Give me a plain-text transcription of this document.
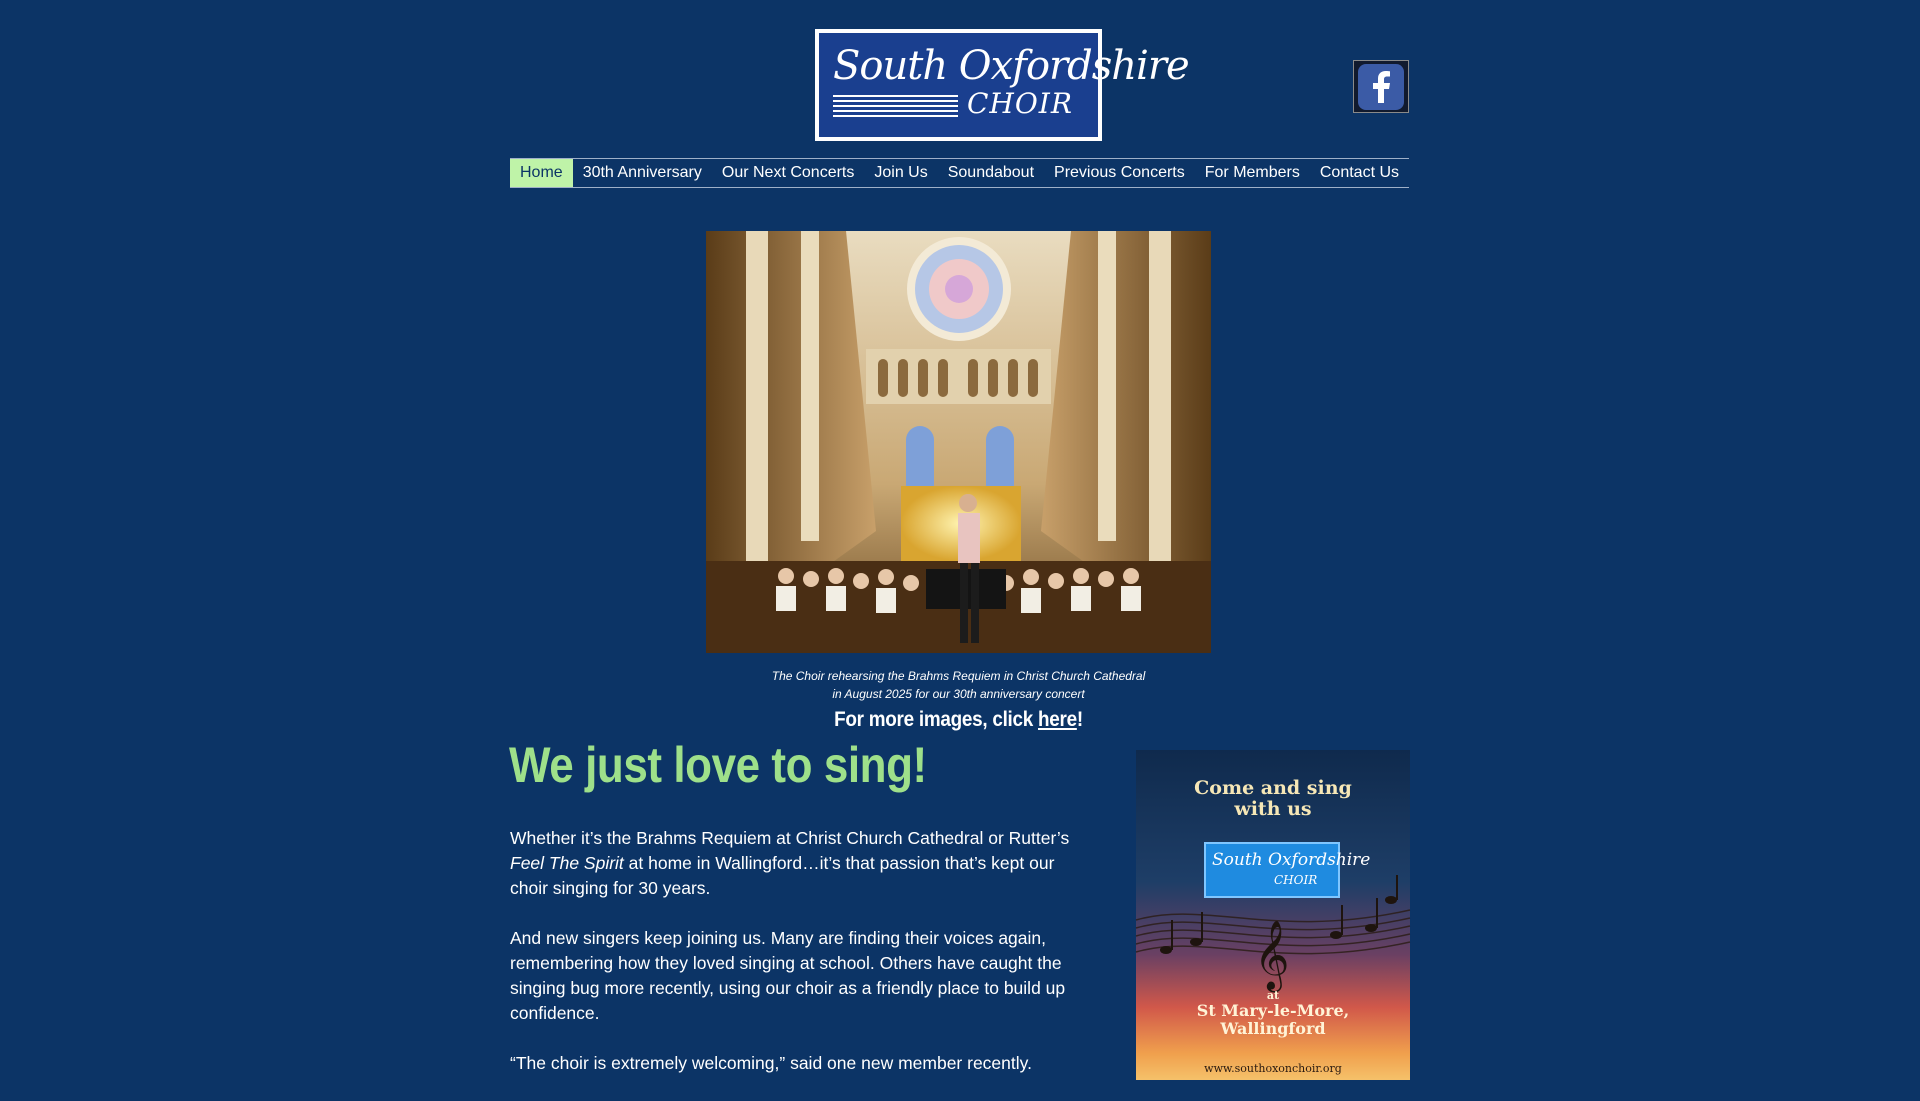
South Oxfordshire
CHOIR
Home	30th Anniversary	Our Next Concerts	Join Us	Soundabout	Previous Concerts	For Members	Contact Us
The Choir rehearsing the Brahms Requiem in Christ Church Cathedral
in August 2025 for our 30th anniversary concert
For more images, click here!
We just love to sing!

Whether it’s the Brahms Requiem at Christ Church Cathedral or Rutter’s Feel The Spirit at home in Wallingford…it’s that passion that’s kept our choir singing for 30 years.

And new singers keep joining us. Many are finding their voices again, remembering how they loved singing at school. Others have caught the singing bug more recently, using our choir as a friendly place to build up confidence.

“The choir is extremely welcoming,” said one new member recently.

Come and sing
with us
South Oxfordshire
CHOIR
𝄞
at
St Mary-le-More,
Wallingford
www.southoxonchoir.org
